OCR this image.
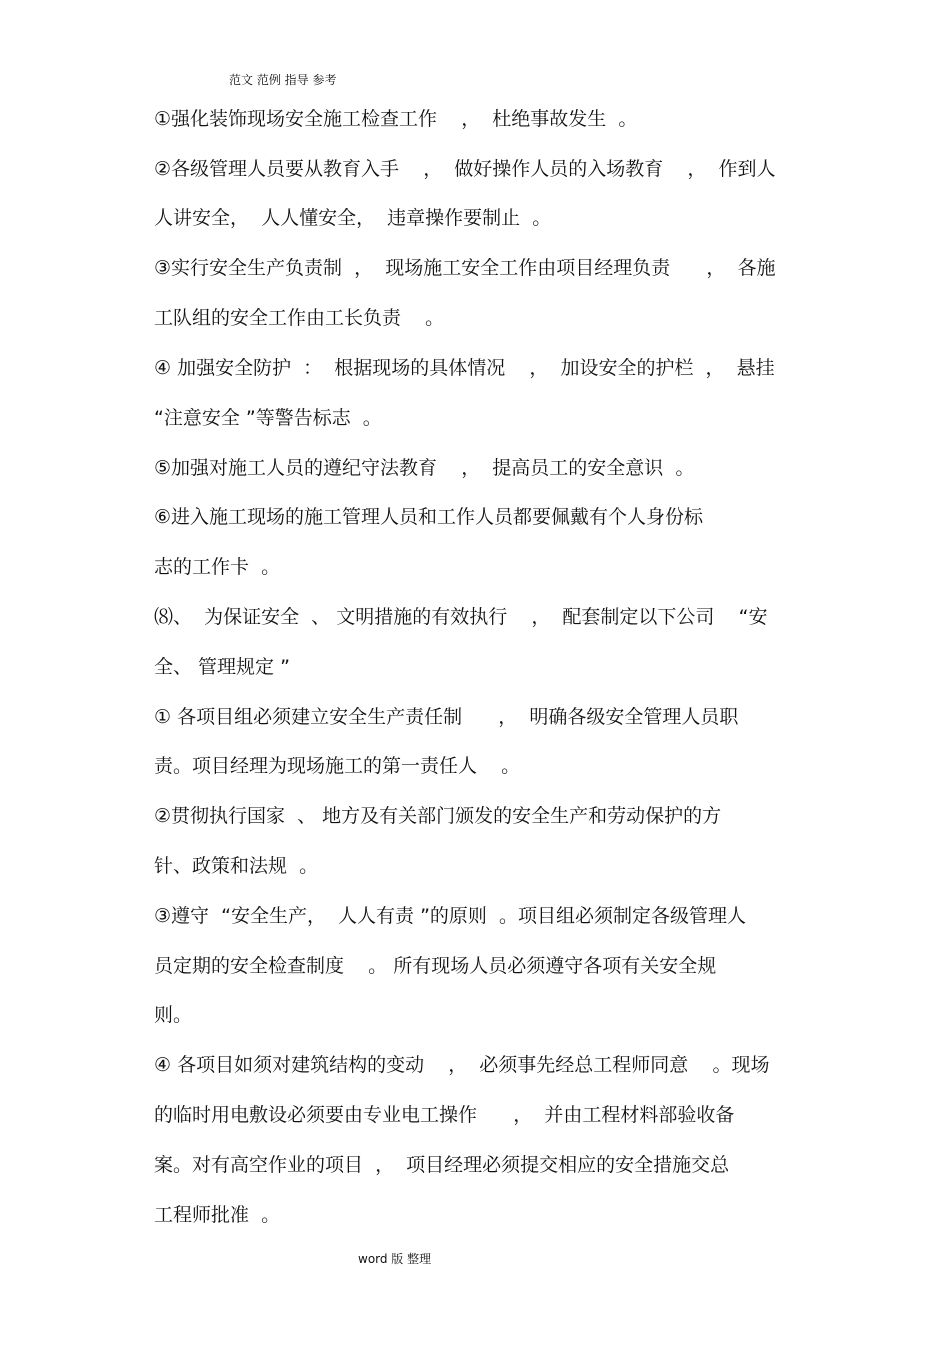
范文 范例 指导 参考
①强化装饰现场安全施工检查工作    ，  杜绝事故发生  。
②各级管理人员要从教育入手    ，  做好操作人员的入场教育    ，  作到人
人讲安全，  人人懂安全，  违章操作要制止  。
③实行安全生产负责制  ，  现场施工安全工作由项目经理负责      ，  各施
工队组的安全工作由工长负责    。
④ 加强安全防护  ：  根据现场的具体情况    ，  加设安全的护栏  ，  悬挂
“注意安全 ”等警告标志  。
⑤加强对施工人员的遵纪守法教育    ，  提高员工的安全意识  。
⑥进入施工现场的施工管理人员和工作人员都要佩戴有个人身份标
志的工作卡  。
⑻、  为保证安全  、 文明措施的有效执行    ，  配套制定以下公司    “安
全、 管理规定 ”
① 各项目组必须建立安全生产责任制      ，  明确各级安全管理人员职
责。项目经理为现场施工的第一责任人    。
②贯彻执行国家  、 地方及有关部门颁发的安全生产和劳动保护的方
针、政策和法规  。
③遵守  “安全生产，  人人有责 ”的原则  。项目组必须制定各级管理人
员定期的安全检查制度    。 所有现场人员必须遵守各项有关安全规
则。
④ 各项目如须对建筑结构的变动    ，  必须事先经总工程师同意    。现场
的临时用电敷设必须要由专业电工操作      ，  并由工程材料部验收备
案。对有高空作业的项目  ，  项目经理必须提交相应的安全措施交总
工程师批准  。
word 版 整理
